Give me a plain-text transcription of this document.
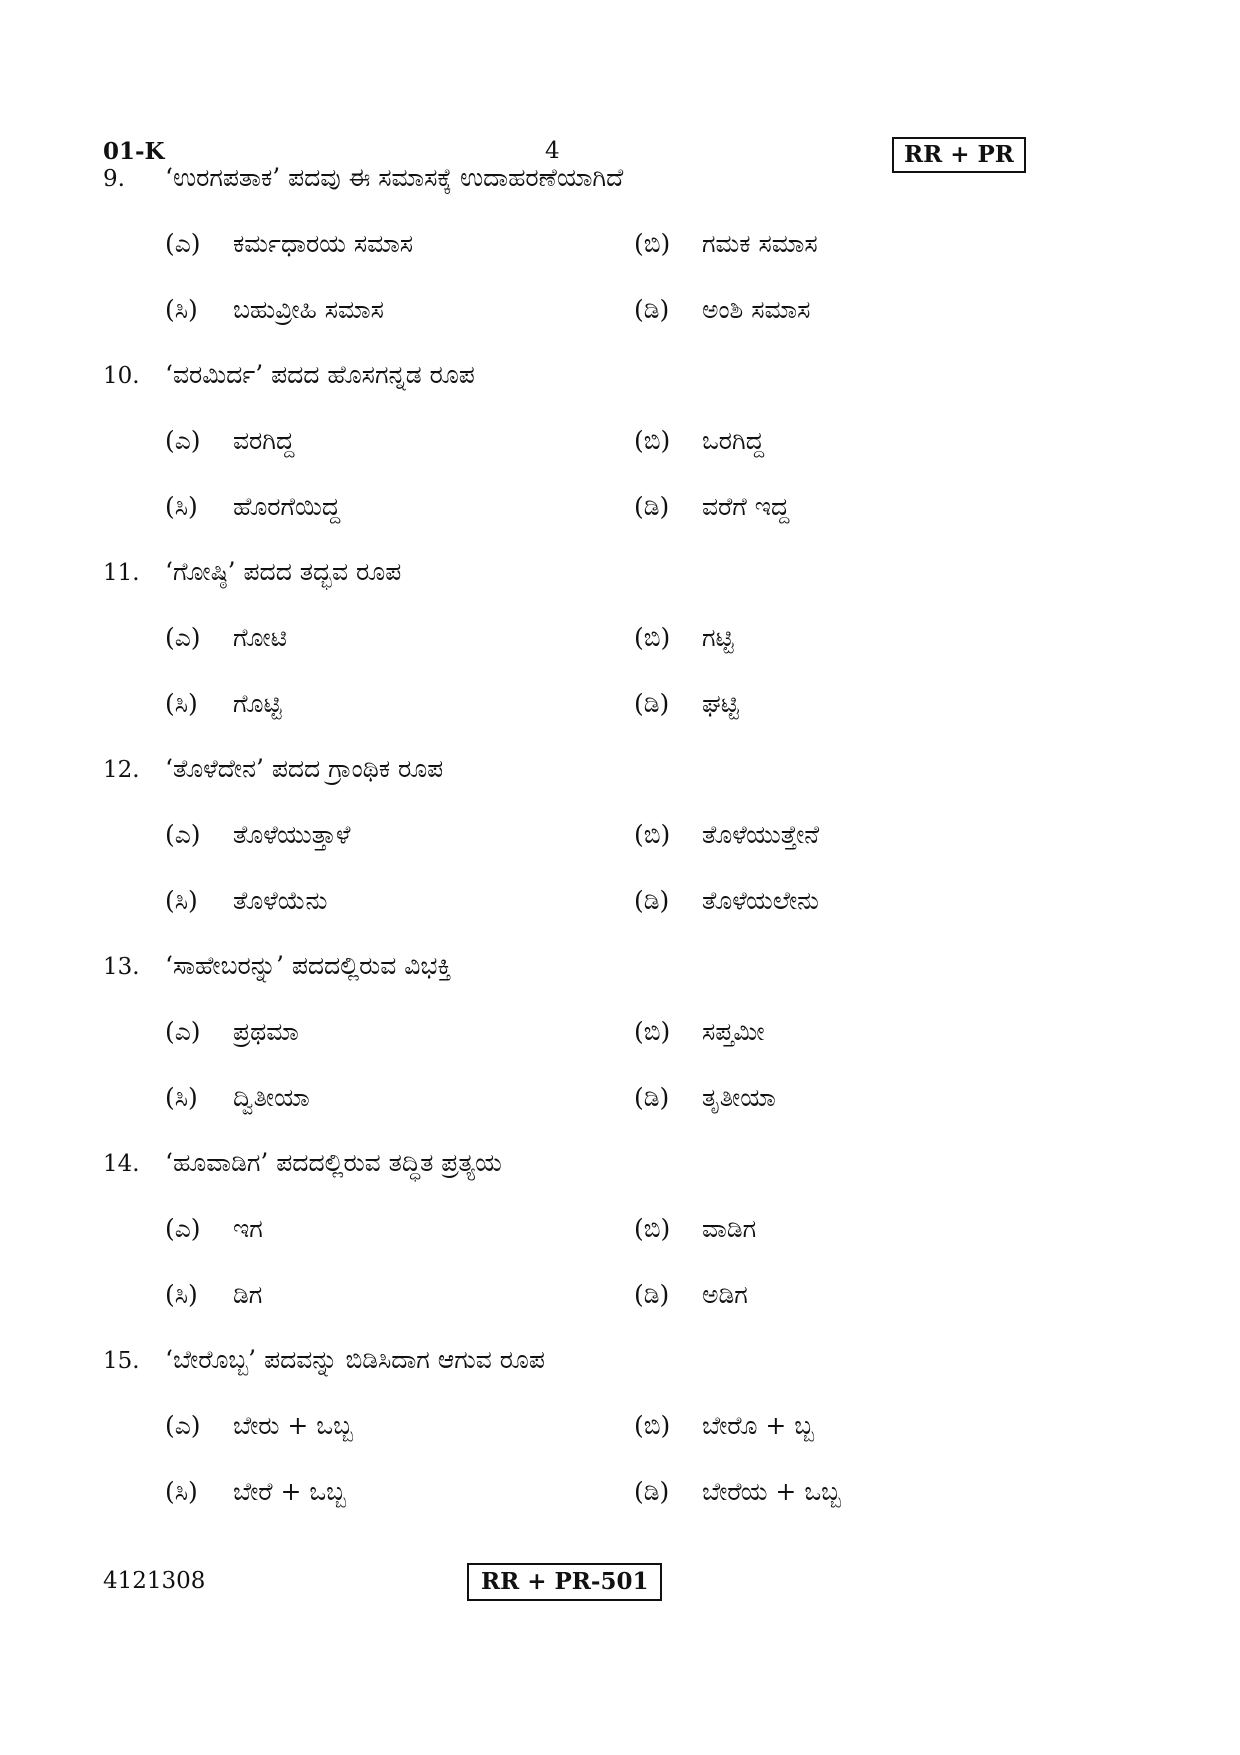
01-K	4	RR + PR
9.	‘ಉರಗಪತಾಕ’ ಪದವು ಈ ಸಮಾಸಕ್ಕೆ ಉದಾಹರಣೆಯಾಗಿದೆ
(ಎ)	ಕರ್ಮಧಾರಯ ಸಮಾಸ	(ಬಿ)	ಗಮಕ ಸಮಾಸ
(ಸಿ)	ಬಹುವ್ರೀಹಿ ಸಮಾಸ	(ಡಿ)	ಅಂಶಿ ಸಮಾಸ
10.	‘ವರಮಿರ್ದ’ ಪದದ ಹೊಸಗನ್ನಡ ರೂಪ
(ಎ)	ವರಗಿದ್ದ	(ಬಿ)	ಒರಗಿದ್ದ
(ಸಿ)	ಹೊರಗೆಯಿದ್ದ	(ಡಿ)	ವರೆಗೆ ಇದ್ದ
11.	‘ಗೋಷ್ಠಿ’ ಪದದ ತದ್ಭವ ರೂಪ
(ಎ)	ಗೋಟಿ	(ಬಿ)	ಗಟ್ಟಿ
(ಸಿ)	ಗೊಟ್ಟಿ	(ಡಿ)	ಘಟ್ಟಿ
12.	‘ತೊಳೆದೇನ’ ಪದದ ಗ್ರಾಂಥಿಕ ರೂಪ
(ಎ)	ತೊಳೆಯುತ್ತಾಳೆ	(ಬಿ)	ತೊಳೆಯುತ್ತೇನೆ
(ಸಿ)	ತೊಳೆಯೆನು	(ಡಿ)	ತೊಳೆಯಲೇನು
13.	‘ಸಾಹೇಬರನ್ನು’ ಪದದಲ್ಲಿರುವ ವಿಭಕ್ತಿ
(ಎ)	ಪ್ರಥಮಾ	(ಬಿ)	ಸಪ್ತಮೀ
(ಸಿ)	ದ್ವಿತೀಯಾ	(ಡಿ)	ತೃತೀಯಾ
14.	‘ಹೂವಾಡಿಗ’ ಪದದಲ್ಲಿರುವ ತದ್ಧಿತ ಪ್ರತ್ಯಯ
(ಎ)	ಇಗ	(ಬಿ)	ವಾಡಿಗ
(ಸಿ)	ಡಿಗ	(ಡಿ)	ಅಡಿಗ
15.	‘ಬೇರೊಬ್ಬ’ ಪದವನ್ನು ಬಿಡಿಸಿದಾಗ ಆಗುವ ರೂಪ
(ಎ)	ಬೇರು + ಒಬ್ಬ	(ಬಿ)	ಬೇರೊ + ಬ್ಬ
(ಸಿ)	ಬೇರೆ + ಒಬ್ಬ	(ಡಿ)	ಬೇರೆಯ + ಒಬ್ಬ
4121308	RR + PR-501
